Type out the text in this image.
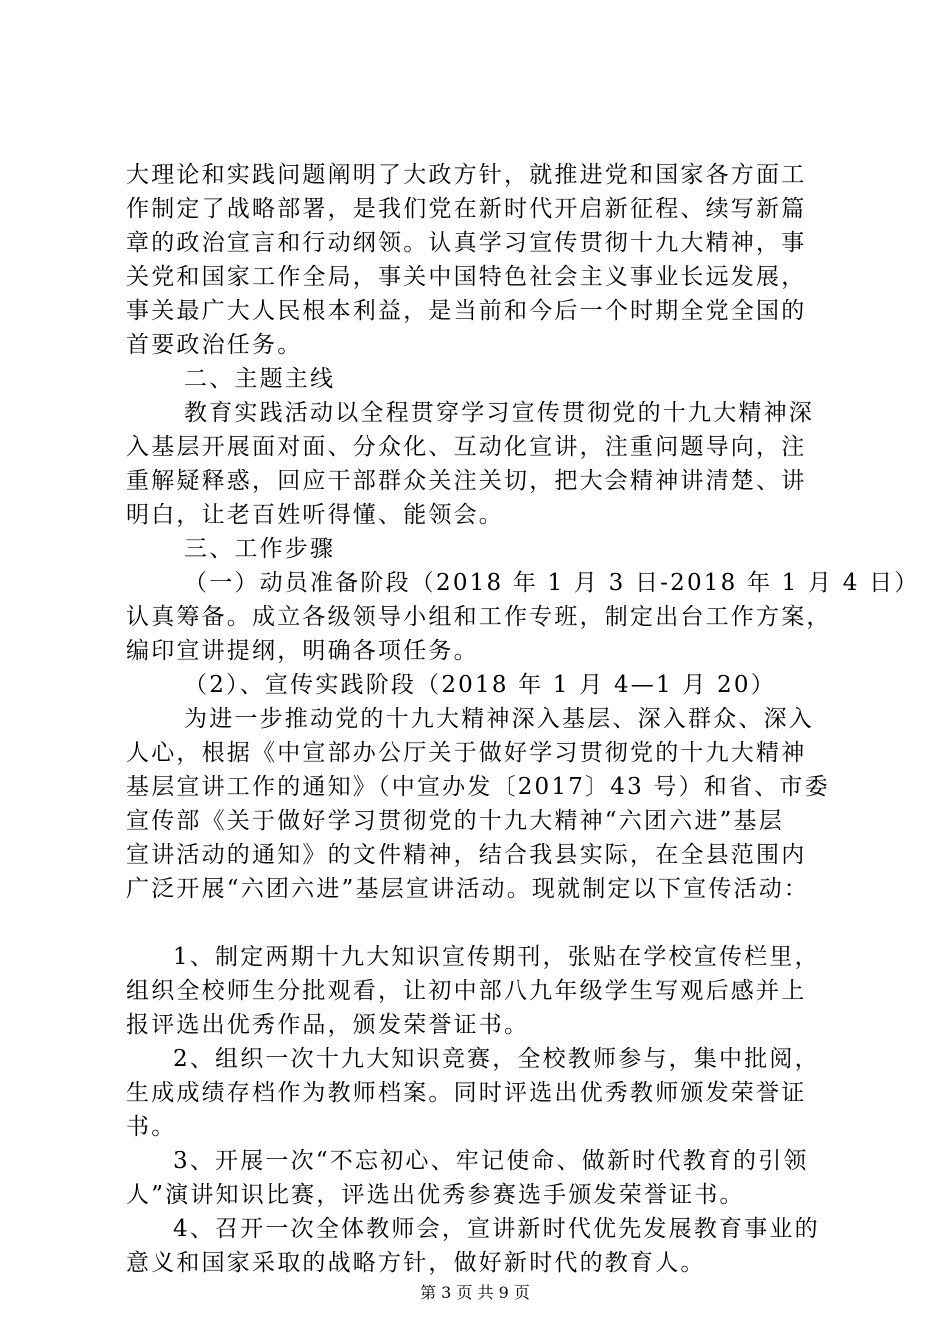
大理论和实践问题阐明了大政方针，就推进党和国家各方面工
作制定了战略部署，是我们党在新时代开启新征程、续写新篇
章的政治宣言和行动纲领。认真学习宣传贯彻十九大精神，事
关党和国家工作全局，事关中国特色社会主义事业长远发展，
事关最广大人民根本利益，是当前和今后一个时期全党全国的
首要政治任务。
二、主题主线
教育实践活动以全程贯穿学习宣传贯彻党的十九大精神深
入基层开展面对面、分众化、互动化宣讲，注重问题导向，注
重解疑释惑，回应干部群众关注关切，把大会精神讲清楚、讲
明白，让老百姓听得懂、能领会。
三、工作步骤
（一）动员准备阶段（2018 年 1 月 3 日-2018 年 1 月 4 日）
认真筹备。成立各级领导小组和工作专班，制定出台工作方案，
编印宣讲提纲，明确各项任务。
（2）、宣传实践阶段（2018 年 1 月 4—1 月 20）
为进一步推动党的十九大精神深入基层、深入群众、深入
人心，根据《中宣部办公厅关于做好学习贯彻党的十九大精神
基层宣讲工作的通知》（中宣办发〔2017〕43 号）和省、市委
宣传部《关于做好学习贯彻党的十九大精神“六团六进”基层
宣讲活动的通知》的文件精神，结合我县实际，在全县范围内
广泛开展“六团六进”基层宣讲活动。现就制定以下宣传活动：
1、制定两期十九大知识宣传期刊，张贴在学校宣传栏里，
组织全校师生分批观看，让初中部八九年级学生写观后感并上
报评选出优秀作品，颁发荣誉证书。
2、组织一次十九大知识竞赛，全校教师参与，集中批阅，
生成成绩存档作为教师档案。同时评选出优秀教师颁发荣誉证
书。
3、开展一次“不忘初心、牢记使命、做新时代教育的引领
人”演讲知识比赛，评选出优秀参赛选手颁发荣誉证书。
4、召开一次全体教师会，宣讲新时代优先发展教育事业的
意义和国家采取的战略方针，做好新时代的教育人。
第 3 页 共 9 页
